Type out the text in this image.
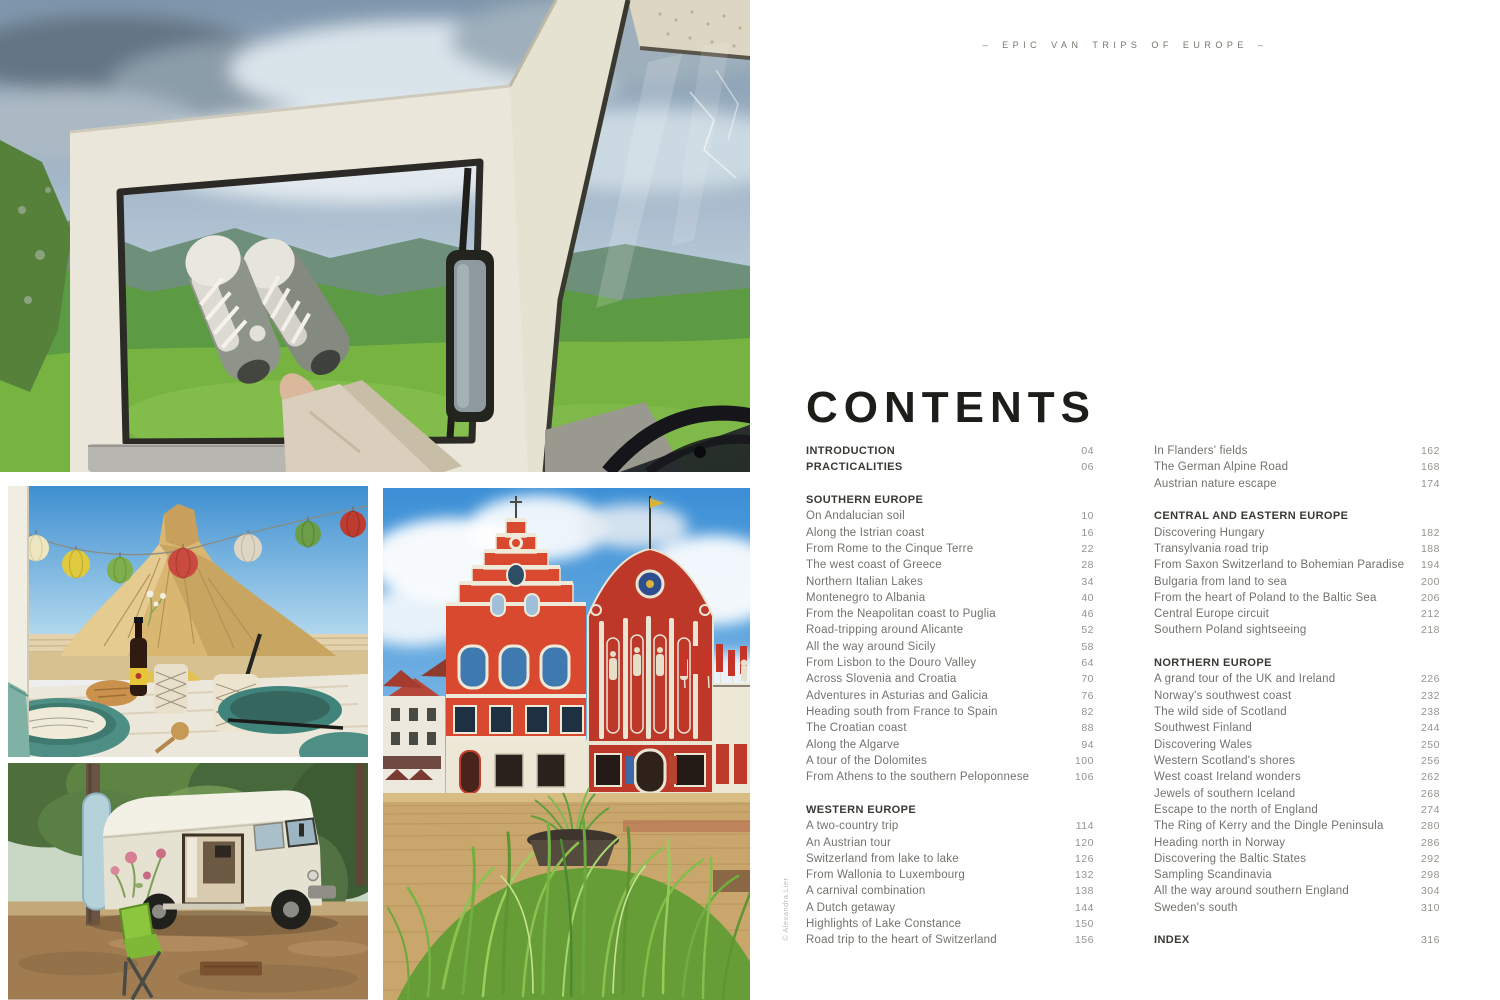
© Alexandra Lier
– EPIC VAN TRIPS OF EUROPE –
CONTENTS
INTRODUCTION	04
PRACTICALITIES	06
SOUTHERN EUROPE
On Andalucian soil	10
Along the Istrian coast	16
From Rome to the Cinque Terre	22
The west coast of Greece	28
Northern Italian Lakes	34
Montenegro to Albania	40
From the Neapolitan coast to Puglia	46
Road-tripping around Alicante	52
All the way around Sicily	58
From Lisbon to the Douro Valley	64
Across Slovenia and Croatia	70
Adventures in Asturias and Galicia	76
Heading south from France to Spain	82
The Croatian coast	88
Along the Algarve	94
A tour of the Dolomites	100
From Athens to the southern Peloponnese	106
WESTERN EUROPE
A two-country trip	114
An Austrian tour	120
Switzerland from lake to lake	126
From Wallonia to Luxembourg	132
A carnival combination	138
A Dutch getaway	144
Highlights of Lake Constance	150
Road trip to the heart of Switzerland	156
In Flanders' fields	162
The German Alpine Road	168
Austrian nature escape	174
CENTRAL AND EASTERN EUROPE
Discovering Hungary	182
Transylvania road trip	188
From Saxon Switzerland to Bohemian Paradise 194
Bulgaria from land to sea	200
From the heart of Poland to the Baltic Sea	206
Central Europe circuit	212
Southern Poland sightseeing	218
NORTHERN EUROPE
A grand tour of the UK and Ireland	226
Norway's southwest coast	232
The wild side of Scotland	238
Southwest Finland	244
Discovering Wales	250
Western Scotland's shores	256
West coast Ireland wonders	262
Jewels of southern Iceland	268
Escape to the north of England	274
The Ring of Kerry and the Dingle Peninsula	280
Heading north in Norway	286
Discovering the Baltic States	292
Sampling Scandinavia	298
All the way around southern England	304
Sweden's south	310
INDEX	316
